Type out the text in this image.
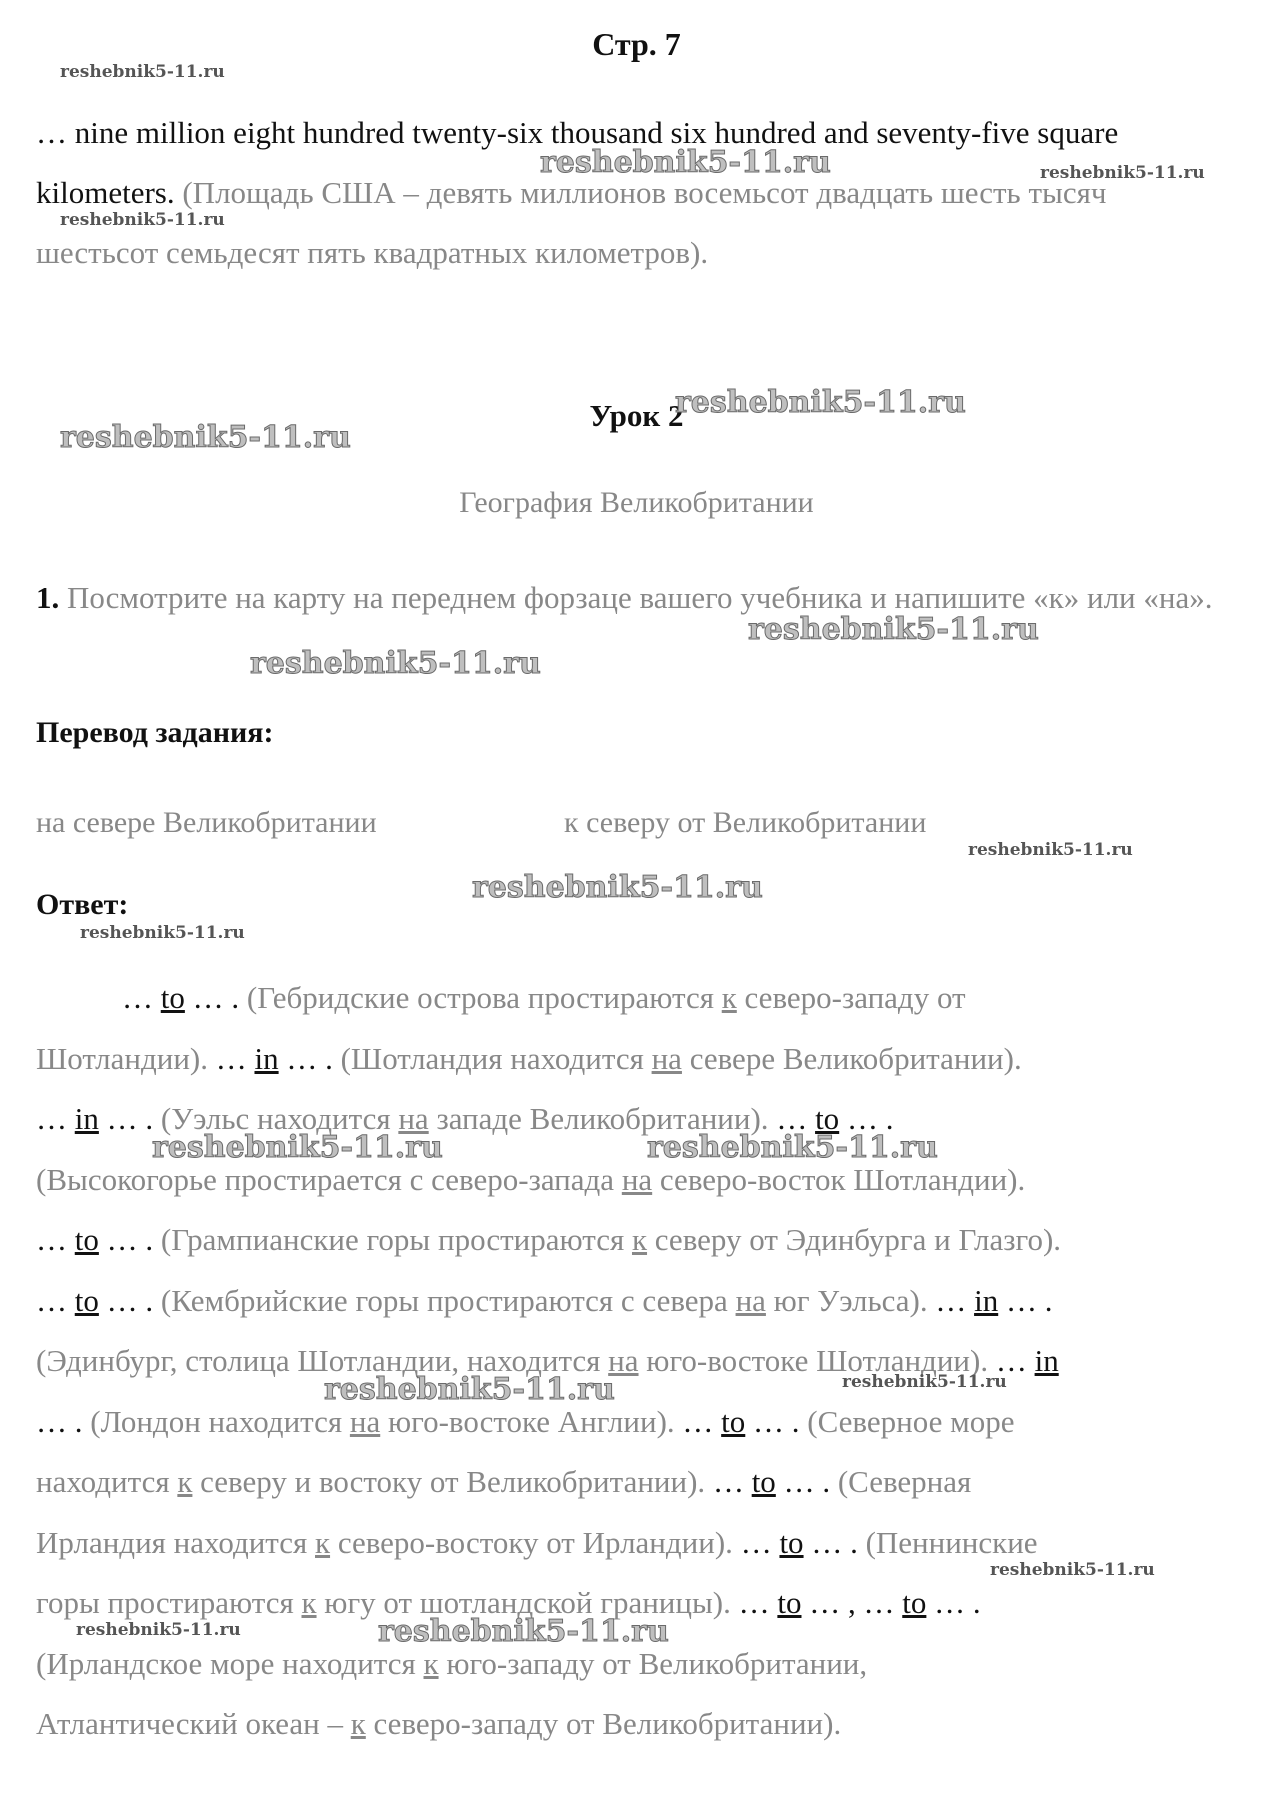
Стр. 7
… nine million eight hundred twenty-six thousand six hundred and seventy-five square kilometers. (Площадь США – девять миллионов восемьсот двадцать шесть тысяч шестьсот семьдесят пять квадратных километров).
Урок 2
География Великобритании
1. Посмотрите на карту на переднем форзаце вашего учебника и напишите «к» или «на».
Перевод задания:
на севере Великобритании	к северу от Великобритании
Ответ:

… to … . (Гебридские острова простираются к северо-западу от

Шотландии). … in … . (Шотландия находится на севере Великобритании).

… in … . (Уэльс находится на западе Великобритании). … to … .

(Высокогорье простирается с северо-запада на северо-восток Шотландии).

… to … . (Грампианские горы простираются к северу от Эдинбурга и Глазго).

… to … . (Кембрийские горы простираются с севера на юг Уэльса). … in … .

(Эдинбург, столица Шотландии, находится на юго-востоке Шотландии). … in

… . (Лондон находится на юго-востоке Англии). … to … . (Северное море

находится к северу и востоку от Великобритании). … to … . (Северная

Ирландия находится к северо-востоку от Ирландии). … to … . (Пеннинские

горы простираются к югу от шотландской границы). … to … , … to … .

(Ирландское море находится к юго-западу от Великобритании,

Атлантический океан – к северо-западу от Великобритании).

reshebnik5-11.ru
reshebnik5-11.ru	reshebnik5-11.ru
reshebnik5-11.ru
reshebnik5-11.ru
reshebnik5-11.ru
reshebnik5-11.ru
reshebnik5-11.ru
reshebnik5-11.ru
reshebnik5-11.ru
reshebnik5-11.ru
reshebnik5-11.ru	reshebnik5-11.ru
reshebnik5-11.ru	reshebnik5-11.ru
reshebnik5-11.ru
reshebnik5-11.ru	reshebnik5-11.ru
